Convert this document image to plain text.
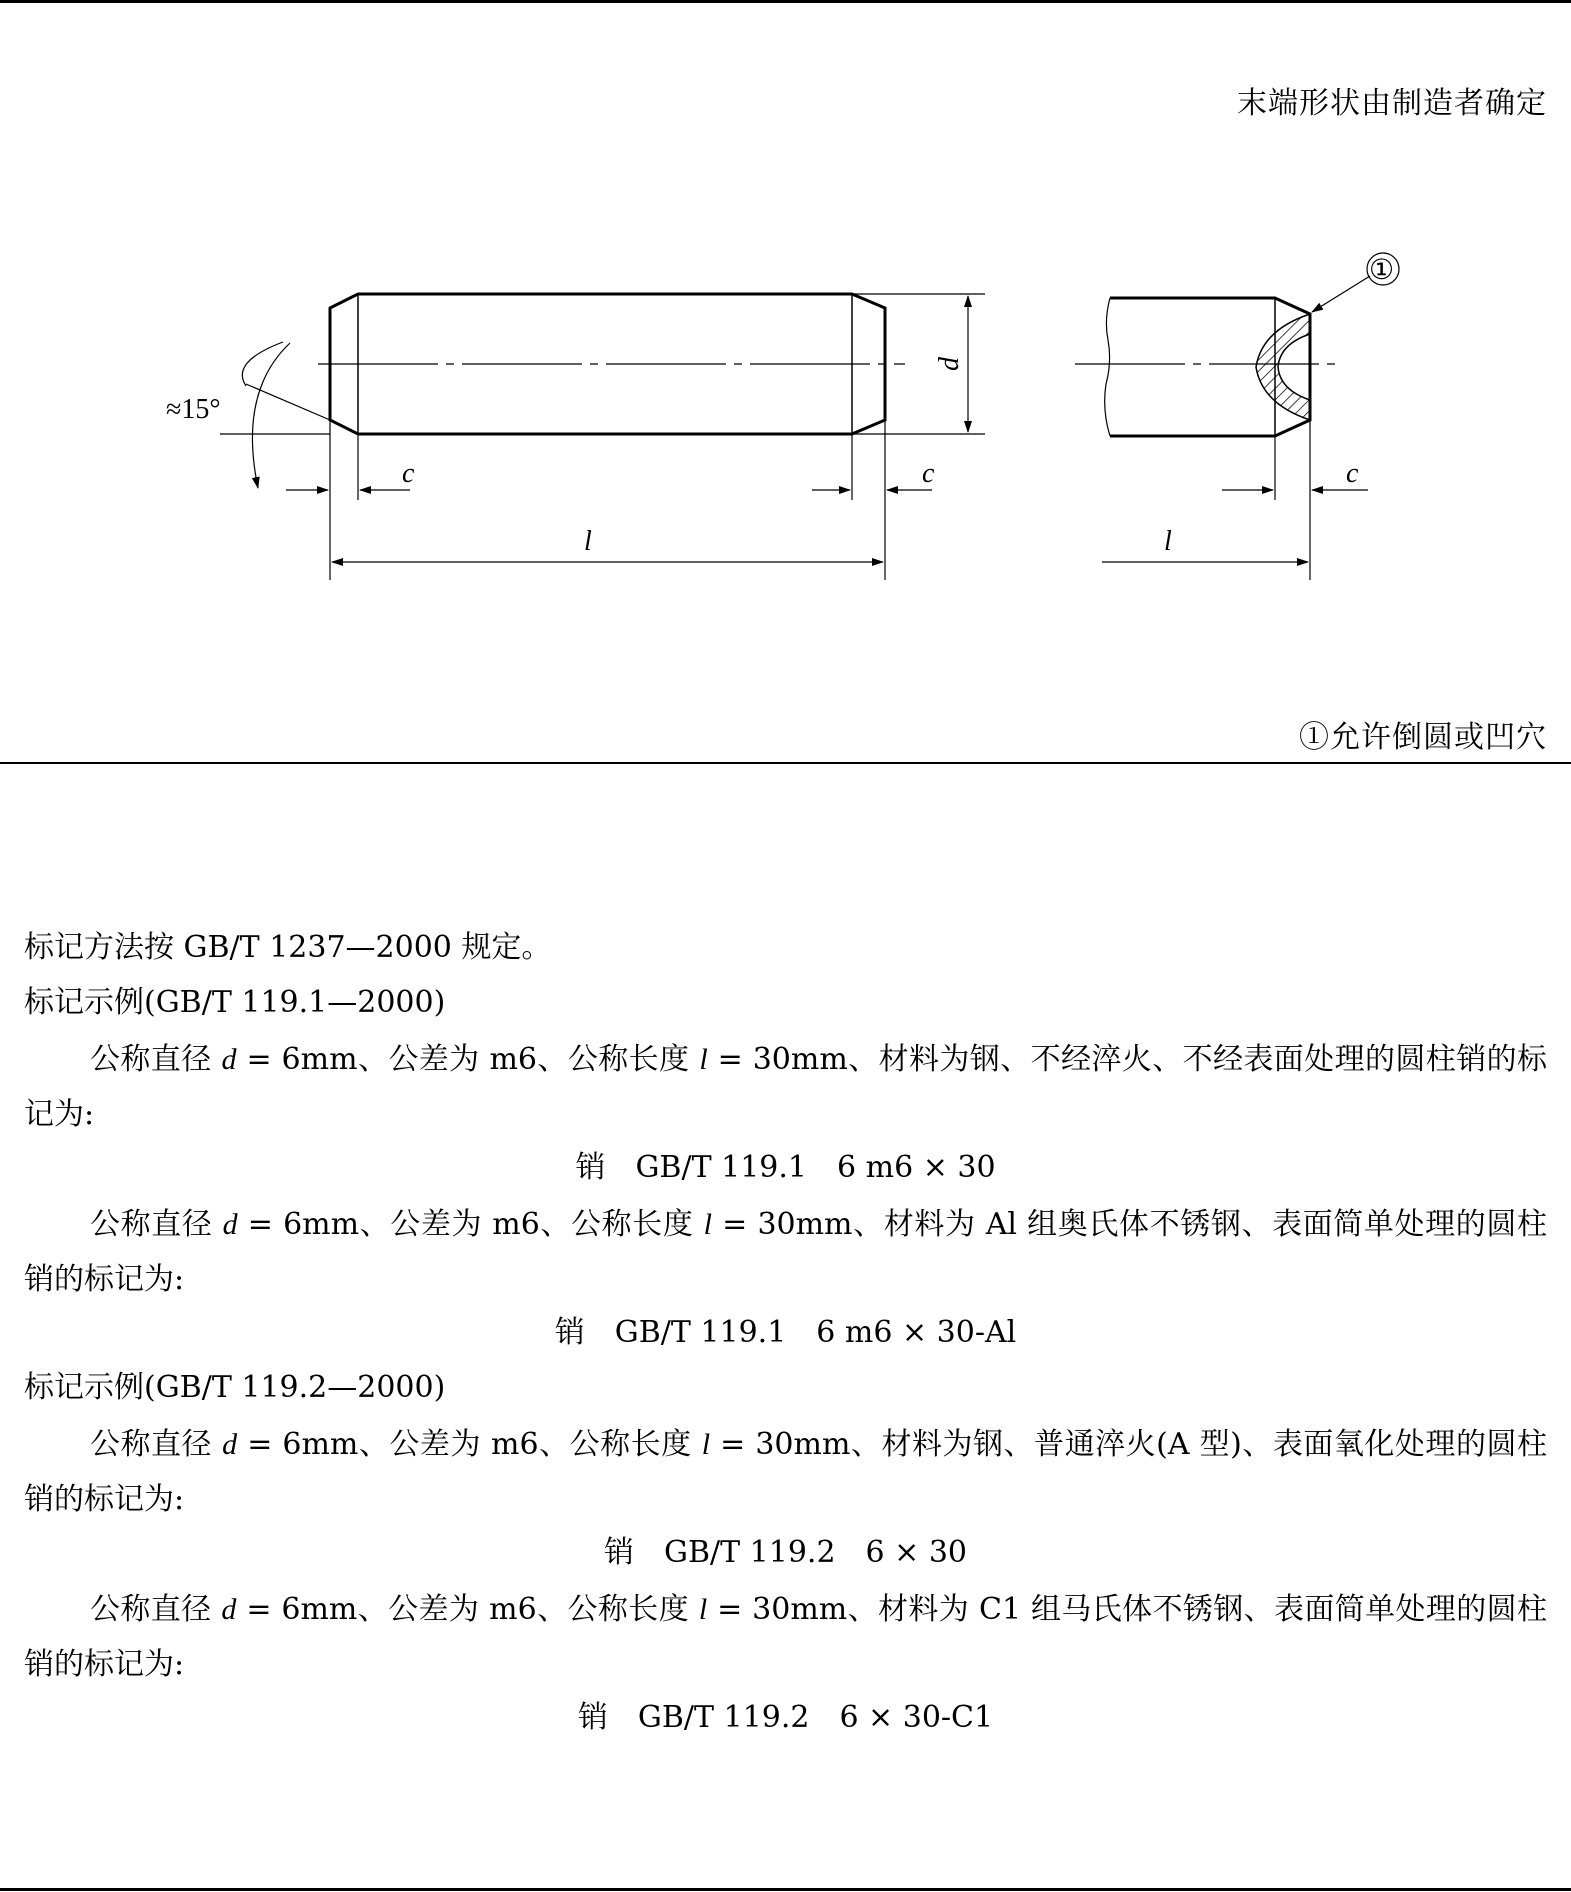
末端形状由制造者确定
d
≈15°
c	c
l
①
c
l
①允许倒圆或凹穴
标记方法按 GB/T 1237—2000 规定。
标记示例(GB/T 119.1—2000)
公称直径 d = 6mm、公差为 m6、公称长度 l = 30mm、材料为钢、不经淬火、不经表面处理的圆柱销的标记为:
销　GB/T 119.1　6 m6 × 30
公称直径 d = 6mm、公差为 m6、公称长度 l = 30mm、材料为 Al 组奥氏体不锈钢、表面简单处理的圆柱销的标记为:
销　GB/T 119.1　6 m6 × 30-Al
标记示例(GB/T 119.2—2000)
公称直径 d = 6mm、公差为 m6、公称长度 l = 30mm、材料为钢、普通淬火(A 型)、表面氧化处理的圆柱销的标记为:
销　GB/T 119.2　6 × 30
公称直径 d = 6mm、公差为 m6、公称长度 l = 30mm、材料为 C1 组马氏体不锈钢、表面简单处理的圆柱销的标记为:
销　GB/T 119.2　6 × 30-C1
